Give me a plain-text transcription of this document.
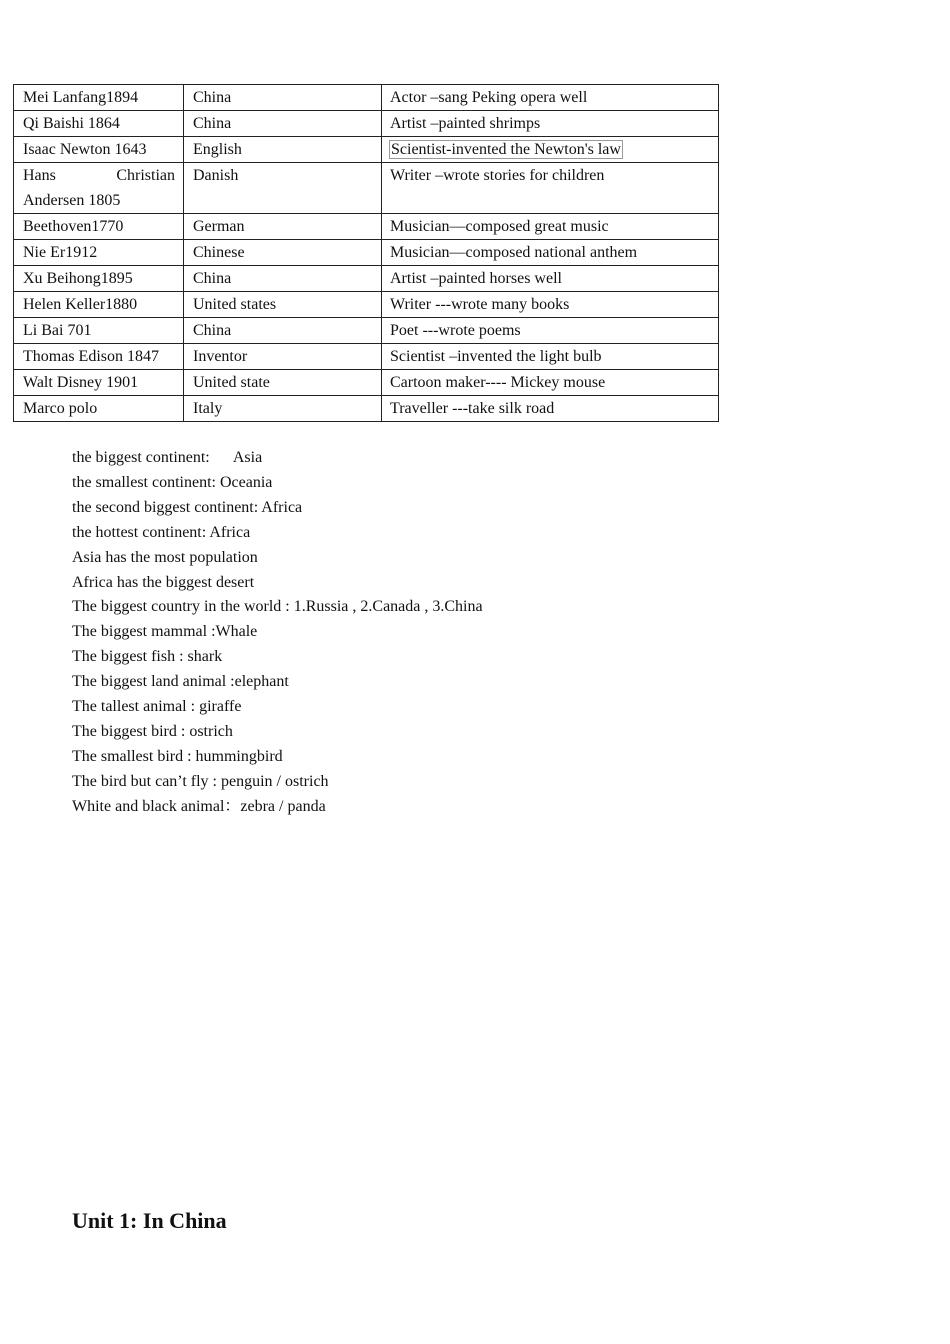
Mei Lanfang1894	China	Actor –sang Peking opera well
Qi Baishi 1864	China	Artist –painted shrimps
Isaac Newton 1643	English	Scientist-invented the Newton's law
Hans Christian Andersen 1805	Danish	Writer –wrote stories for children
Beethoven1770	German	Musician—composed great music
Nie Er1912	Chinese	Musician—composed national anthem
Xu Beihong1895	China	Artist –painted horses well
Helen Keller1880	United states	Writer ---wrote many books
Li Bai 701	China	Poet ---wrote poems
Thomas Edison 1847	Inventor	Scientist –invented the light bulb
Walt Disney 1901	United state	Cartoon maker---- Mickey mouse
Marco polo	Italy	Traveller ---take silk road
the biggest continent:      Asia
the smallest continent: Oceania
the second biggest continent: Africa
the hottest continent: Africa
Asia has the most population
Africa has the biggest desert
The biggest country in the world : 1.Russia , 2.Canada , 3.China
The biggest mammal :Whale
The biggest fish : shark
The biggest land animal :elephant
The tallest animal : giraffe
The biggest bird : ostrich
The smallest bird : hummingbird
The bird but can’t fly : penguin / ostrich
White and black animal：zebra / panda
Unit 1: In China
